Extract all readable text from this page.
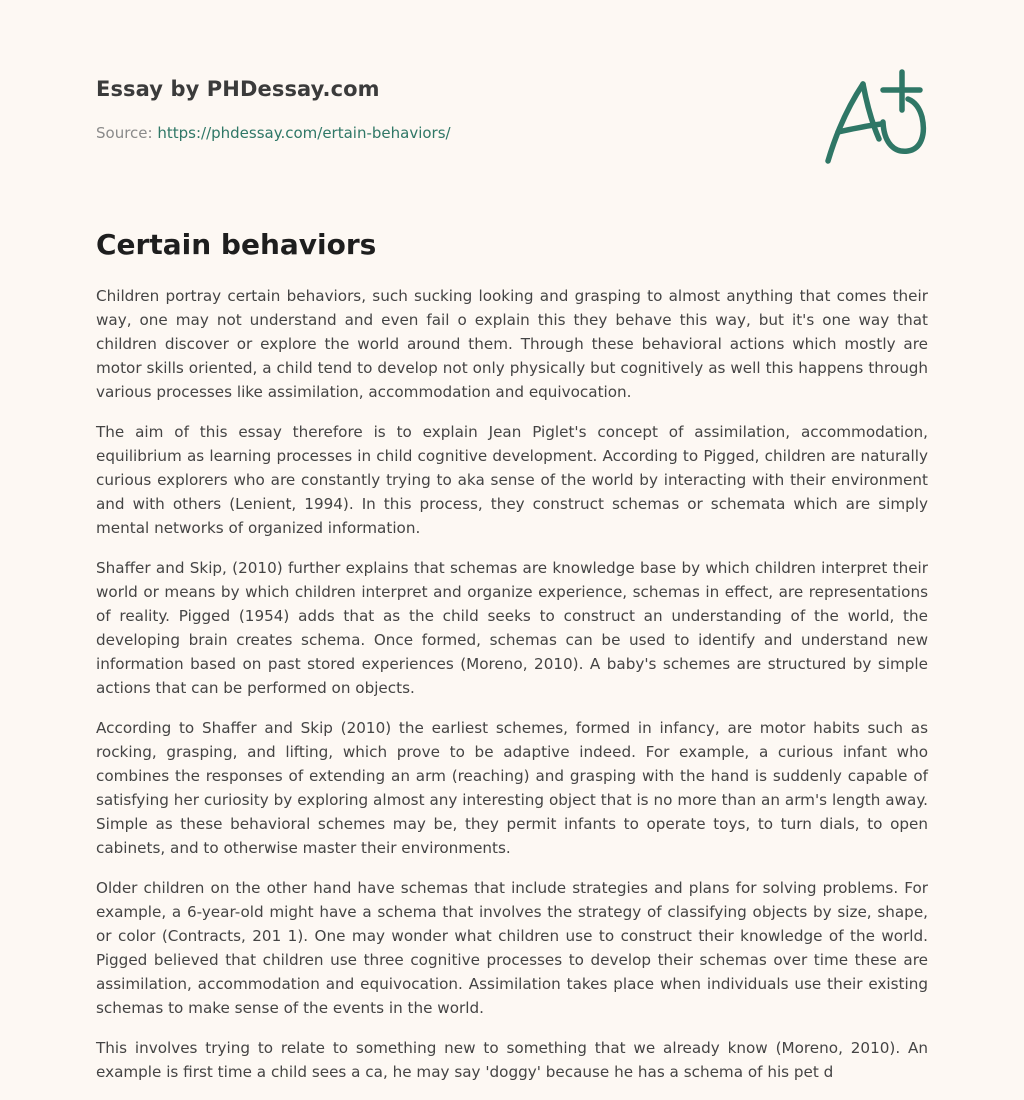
Essay by PHDessay.com
Source: https://phdessay.com/ertain-behaviors/
Certain behaviors

Children portray certain behaviors, such sucking looking and grasping to almost anything that comes their way, one may not understand and even fail o explain this they behave this way, but it's one way that children discover or explore the world around them. Through these behavioral actions which mostly are motor skills oriented, a child tend to develop not only physically but cognitively as well this happens through various processes like assimilation, accommodation and equivocation.

The aim of this essay therefore is to explain Jean Piglet's concept of assimilation, accommodation, equilibrium as learning processes in child cognitive development. According to Pigged, children are naturally curious explorers who are constantly trying to aka sense of the world by interacting with their environment and with others (Lenient, 1994). In this process, they construct schemas or schemata which are simply mental networks of organized information.

Shaffer and Skip, (2010) further explains that schemas are knowledge base by which children interpret their world or means by which children interpret and organize experience, schemas in effect, are representations of reality. Pigged (1954) adds that as the child seeks to construct an understanding of the world, the developing brain creates schema. Once formed, schemas can be used to identify and understand new information based on past stored experiences (Moreno, 2010). A baby's schemes are structured by simple actions that can be performed on objects.

According to Shaffer and Skip (2010) the earliest schemes, formed in infancy, are motor habits such as rocking, grasping, and lifting, which prove to be adaptive indeed. For example, a curious infant who combines the responses of extending an arm (reaching) and grasping with the hand is suddenly capable of satisfying her curiosity by exploring almost any interesting object that is no more than an arm's length away. Simple as these behavioral schemes may be, they permit infants to operate toys, to turn dials, to open cabinets, and to otherwise master their environments.

Older children on the other hand have schemas that include strategies and plans for solving problems. For example, a 6-year-old might have a schema that involves the strategy of classifying objects by size, shape, or color (Contracts, 201 1). One may wonder what children use to construct their knowledge of the world. Pigged believed that children use three cognitive processes to develop their schemas over time these are assimilation, accommodation and equivocation. Assimilation takes place when individuals use their existing schemas to make sense of the events in the world.

This involves trying to relate to something new to something that we already know (Moreno, 2010). An example is first time a child sees a ca, he may say 'doggy' because he has a schema of his pet d
